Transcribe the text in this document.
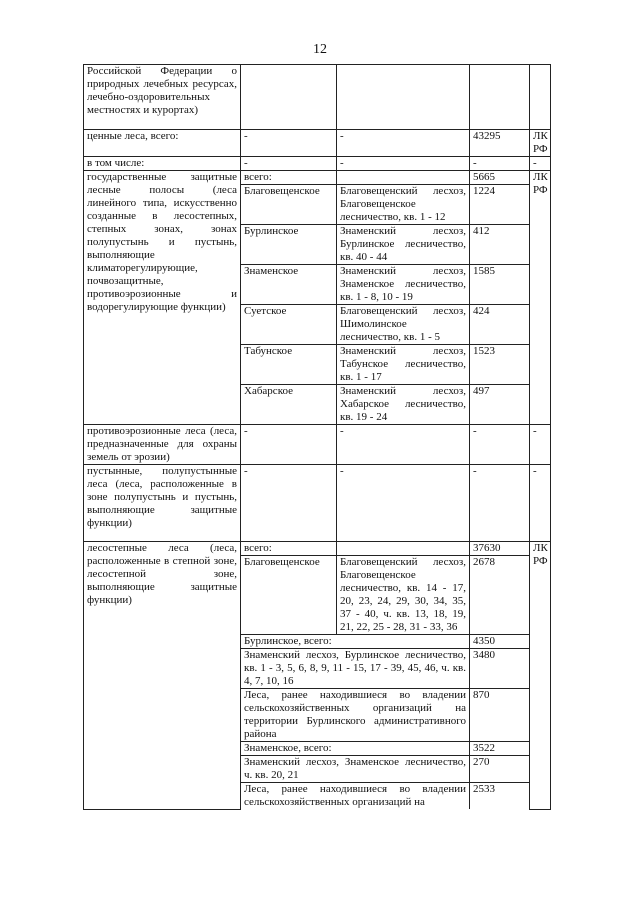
12
Российской Федерации о природных лечебных ресурсах, лечебно-оздоровительных местностях и курортах)				
ценные леса, всего:	-	-	43295	ЛК РФ
в том числе:	-	-	-	-
государственные защитные лесные полосы (леса линейного типа, искусственно созданные в лесостепных, степных зонах, зонах полупустынь и пустынь, выполняющие климаторегулирующие, почвозащитные, противоэрозионные и водорегулирующие функции)	всего:		5665	ЛК РФ
	Благовещенское	Благовещенский лесхоз, Благовещенское лесничество, кв. 1 - 12	1224	
	Бурлинское	Знаменский лесхоз, Бурлинское лесничество, кв. 40 - 44	412	
	Знаменское	Знаменский лесхоз, Знаменское лесничество, кв. 1 - 8, 10 - 19	1585	
	Суетское	Благовещенский лесхоз, Шимолинское лесничество, кв. 1 - 5	424	
	Табунское	Знаменский лесхоз, Табунское лесничество, кв. 1 - 17	1523	
	Хабарское	Знаменский лесхоз, Хабарское лесничество, кв. 19 - 24	497	
противоэрозионные леса (леса, предназначенные для охраны земель от эрозии)	-	-	-	-
пустынные, полупустынные леса (леса, расположенные в зоне полупустынь и пустынь, выполняющие защитные функции)	-	-	-	-
лесостепные леса (леса, расположенные в степной зоне, лесостепной зоне, выполняющие защитные функции)	всего:		37630	ЛК РФ
	Благовещенское	Благовещенский лесхоз, Благовещенское лесничество, кв. 14 - 17, 20, 23, 24, 29, 30, 34, 35, 37 - 40, ч. кв. 13, 18, 19, 21, 22, 25 - 28, 31 - 33, 36	2678	
	Бурлинское, всего:		4350	
	Знаменский лесхоз, Бурлинское лесничество, кв. 1 - 3, 5, 6, 8, 9, 11 - 15, 17 - 39, 45, 46, ч. кв. 4, 7, 10, 16		3480	
	Леса, ранее находившиеся во владении сельскохозяйственных организаций на территории Бурлинского административного района		870	
	Знаменское, всего:		3522	
	Знаменский лесхоз, Знаменское лесничество, ч. кв. 20, 21		270	
	Леса, ранее находившиеся во владении сельскохозяйственных организаций на		2533	
